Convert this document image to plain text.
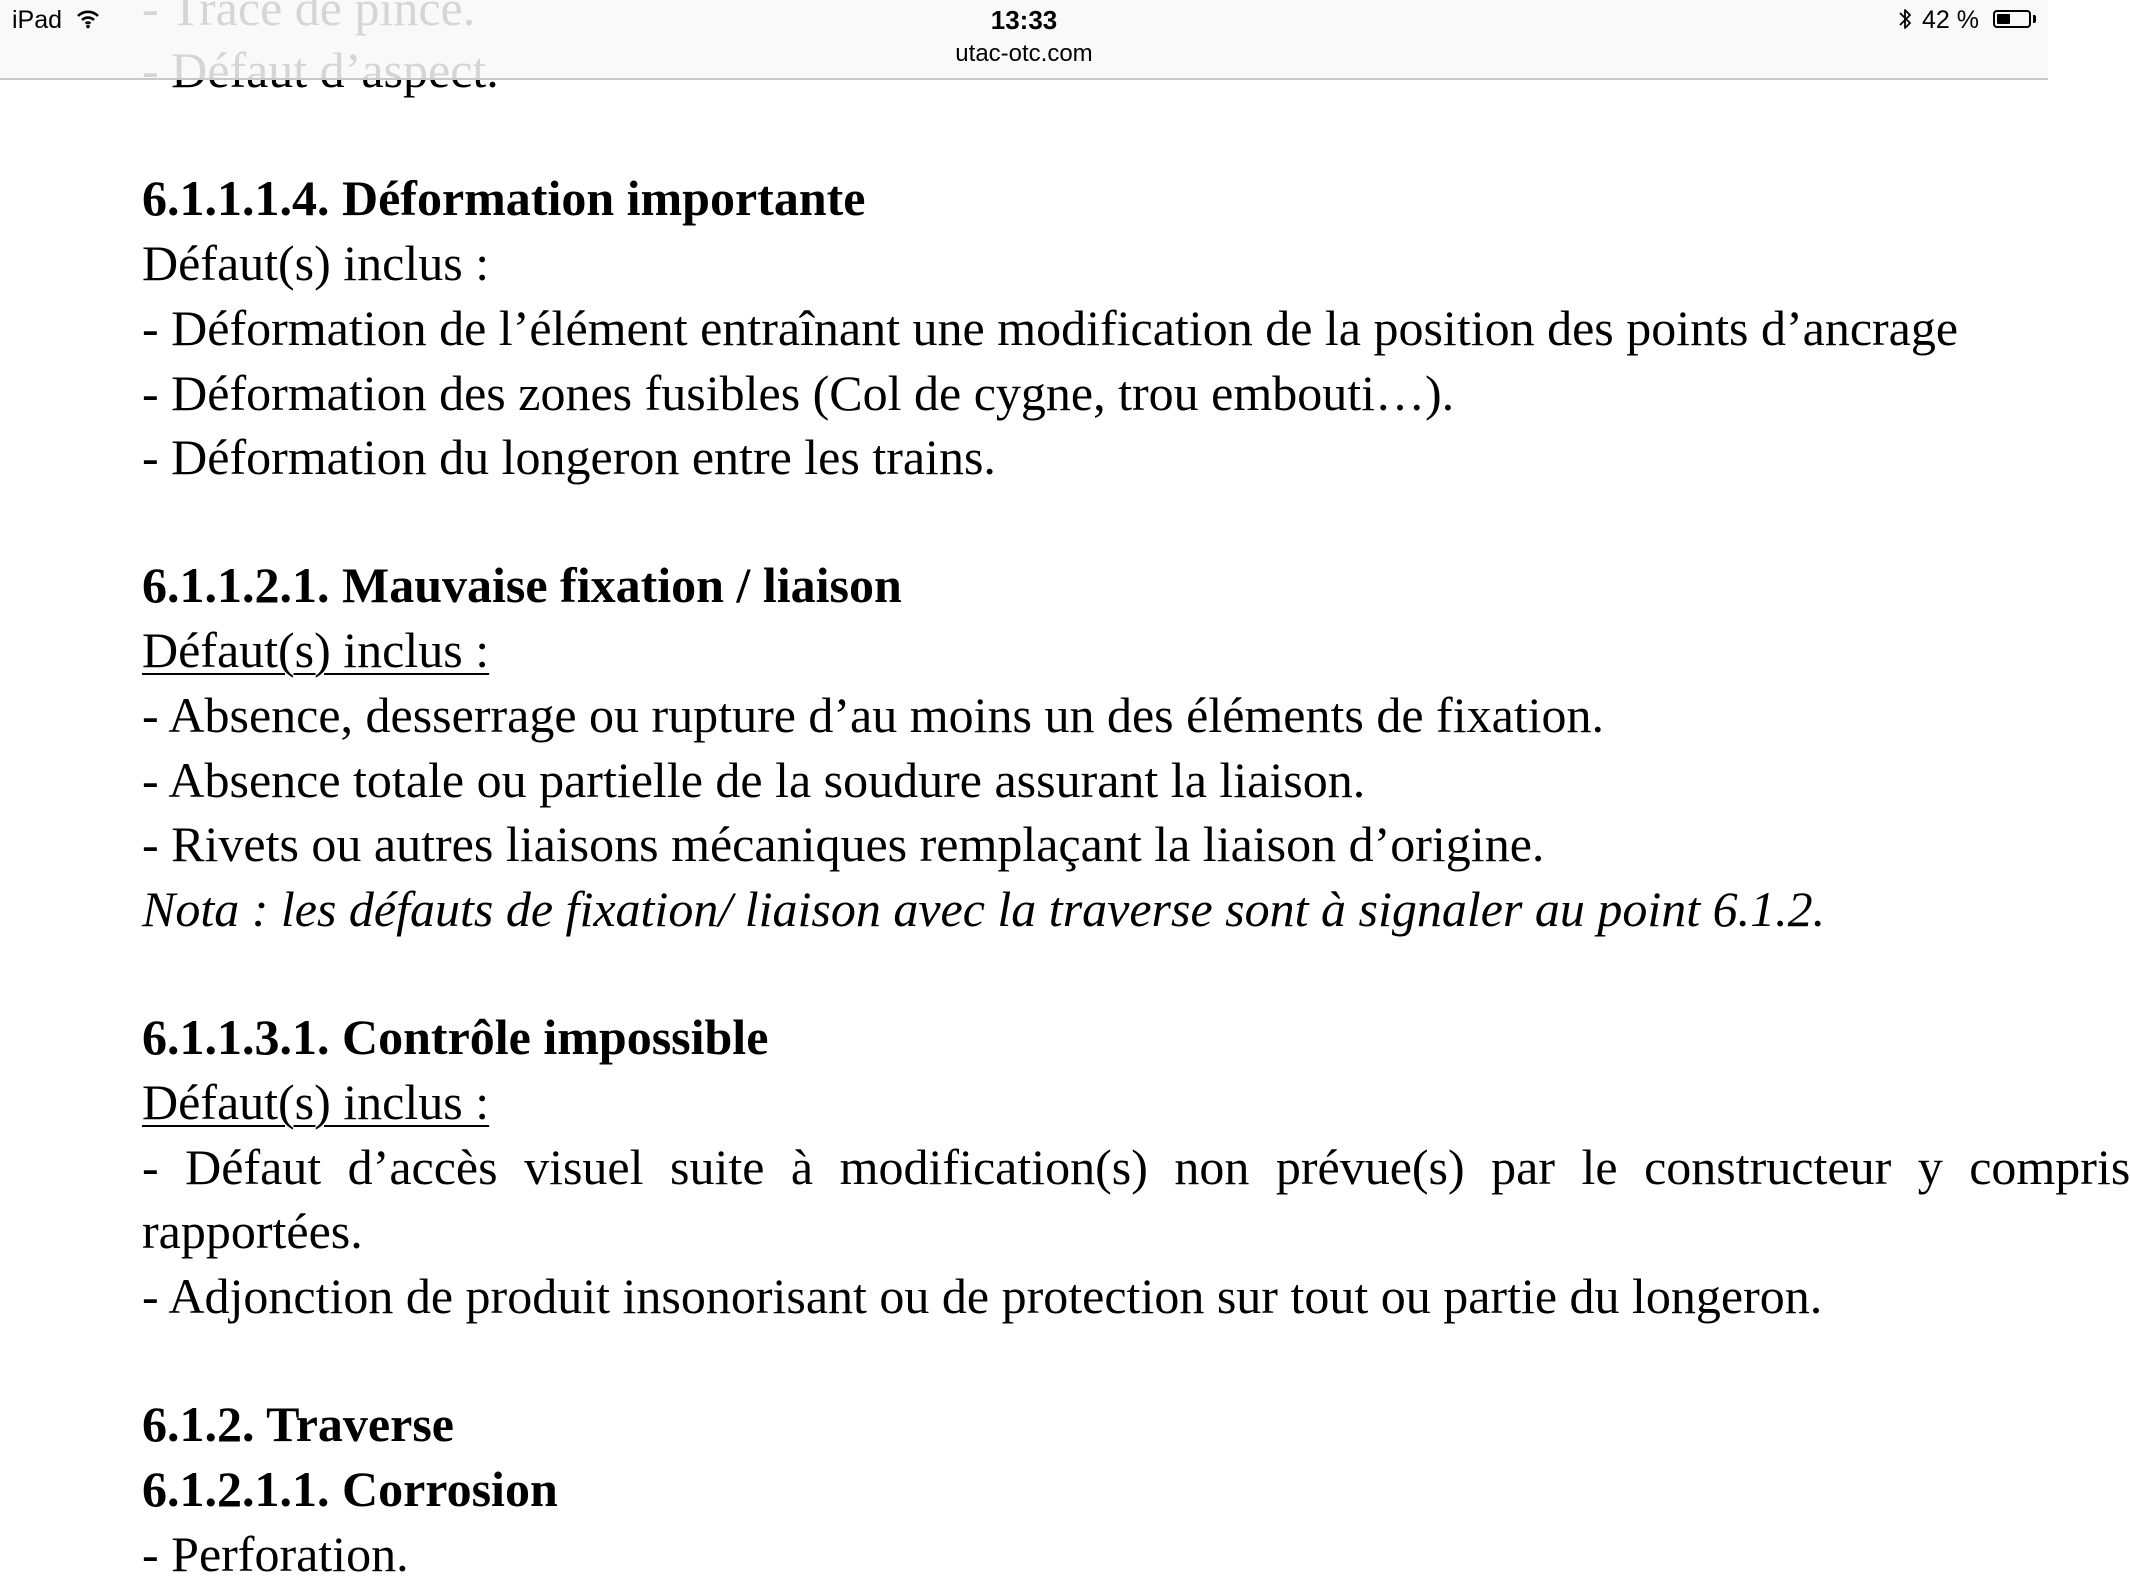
6.1.1.1.4. Déformation importante
Défaut(s) inclus :
- Déformation de l’élément entraînant une modification de la position des points d’ancrage
- Déformation des zones fusibles (Col de cygne, trou embouti…).
- Déformation du longeron entre les trains.
6.1.1.2.1. Mauvaise fixation / liaison
Défaut(s) inclus :
- Absence, desserrage ou rupture d’au moins un des éléments de fixation.
- Absence totale ou partielle de la soudure assurant la liaison.
- Rivets ou autres liaisons mécaniques remplaçant la liaison d’origine.
Nota : les défauts de fixation/ liaison avec la traverse sont à signaler au point 6.1.2.
6.1.1.3.1. Contrôle impossible
Défaut(s) inclus :
- Défaut d’accès visuel suite à modification(s) non prévue(s) par le constructeur y compris
rapportées.
- Adjonction de produit insonorisant ou de protection sur tout ou partie du longeron.
6.1.2. Traverse
6.1.2.1.1. Corrosion
- Perforation.
iPad	13:33
utac-otc.com
42 %
